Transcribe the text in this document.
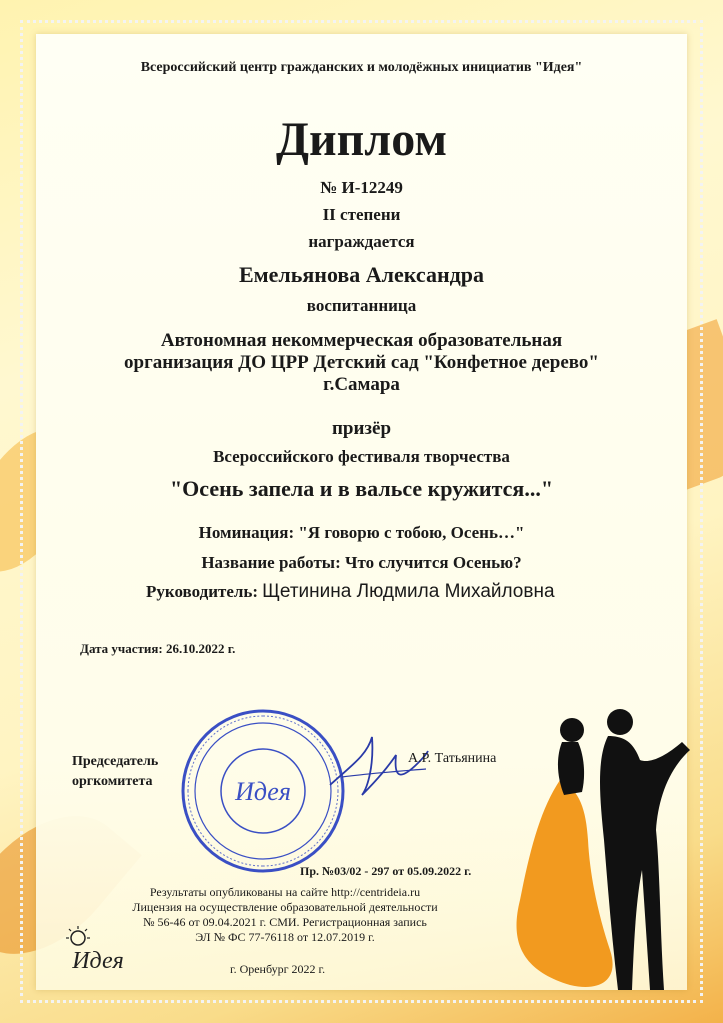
Всероссийский центр гражданских и молодёжных инициатив "Идея"
Диплом
№ И-12249
II степени
награждается
Емельянова Александра
воспитанница
Автономная некоммерческая образовательная
организация ДО ЦРР Детский сад "Конфетное дерево"
г.Самара
призёр
Всероссийского фестиваля творчества
"Осень запела и в вальсе кружится..."
Номинация: "Я говорю с тобою, Осень…"
Название работы: Что случится Осенью?
Руководитель: Щетинина Людмила Михайловна
Дата участия: 26.10.2022 г.
Председатель
оргкомитета	Идея
А.Р. Татьянина
Пр. №03/02 - 297 от 05.09.2022 г.
Результаты опубликованы на сайте http://centrideia.ru
Лицензия на осуществление образовательной деятельности
№ 56-46 от 09.04.2021 г. СМИ. Регистрационная запись
ЭЛ № ФС 77-76118 от 12.07.2019 г.
Идея	г. Оренбург 2022 г.
